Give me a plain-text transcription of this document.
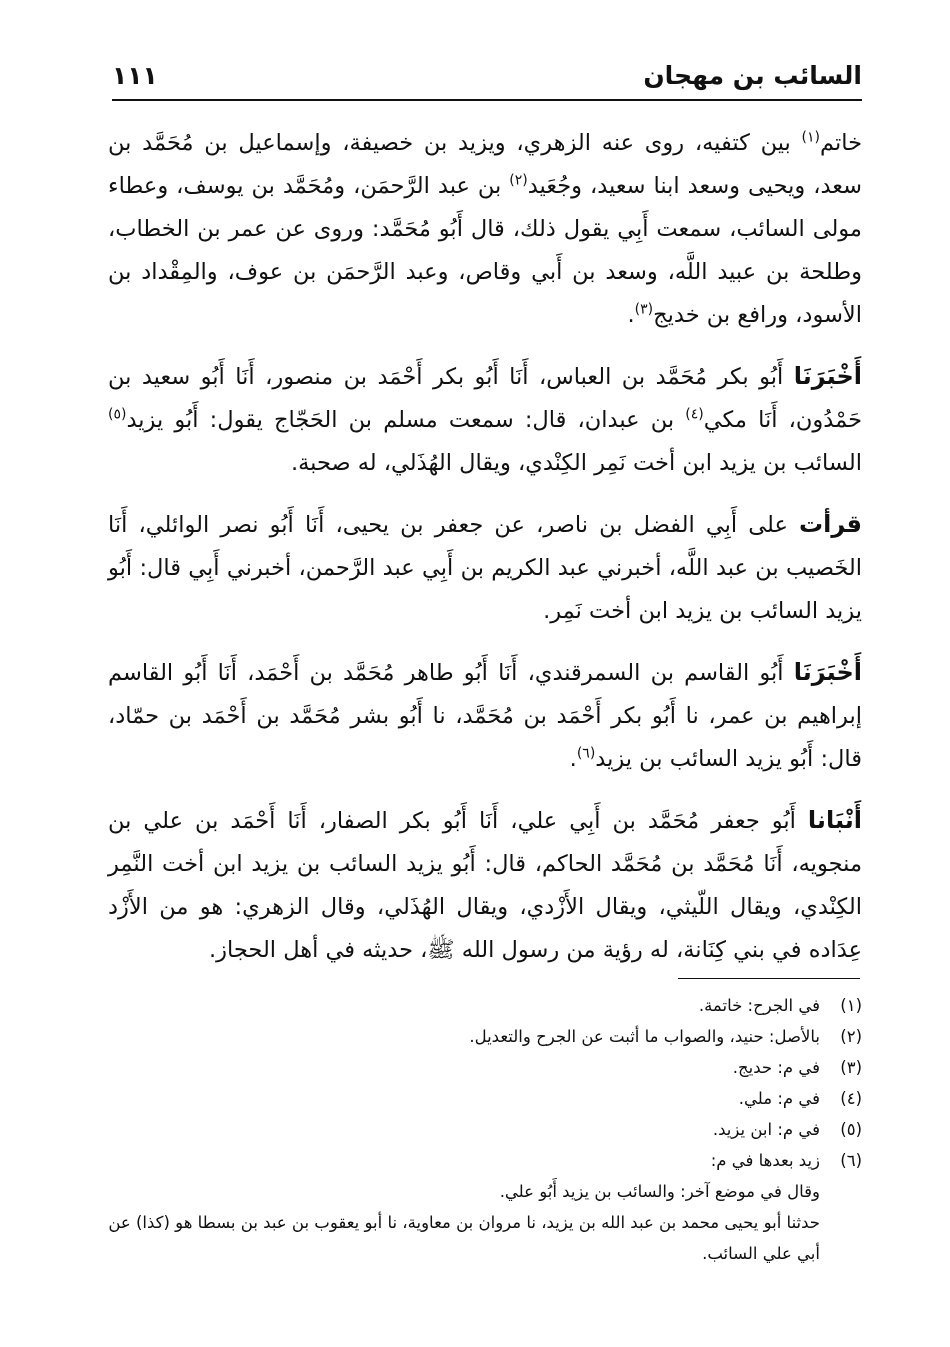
السائب بن مهجان
١١١

خاتم$^{(١)}$ بين كتفيه، روى عنه الزهري، ويزيد بن خصيفة، وإسماعيل بن مُحَمَّد بن سعد، ويحيى وسعد ابنا سعيد، وجُعَيد$^{(٢)}$ بن عبد الرَّحمَن، ومُحَمَّد بن يوسف، وعطاء مولى السائب، سمعت أَبِي يقول ذلك، قال أَبُو مُحَمَّد: وروى عن عمر بن الخطاب، وطلحة بن عبيد اللَّه، وسعد بن أَبي وقاص، وعبد الرَّحمَن بن عوف، والمِقْداد بن الأسود، ورافع بن خديج$^{(٣)}$.

أَخْبَرَنَا أَبُو بكر مُحَمَّد بن العباس، أَنَا أَبُو بكر أَحْمَد بن منصور، أَنَا أَبُو سعيد بن حَمْدُون، أَنَا مكي$^{(٤)}$ بن عبدان، قال: سمعت مسلم بن الحَجّاج يقول: أَبُو يزيد$^{(٥)}$ السائب بن يزيد ابن أخت نَمِر الكِنْدي، ويقال الهُذَلي، له صحبة.

قرأت على أَبِي الفضل بن ناصر، عن جعفر بن يحيى، أَنَا أَبُو نصر الوائلي، أَنَا الخَصيب بن عبد اللَّه، أخبرني عبد الكريم بن أَبِي عبد الرَّحمن، أخبرني أَبِي قال: أَبُو يزيد السائب بن يزيد ابن أخت نَمِر.

أَخْبَرَنَا أَبُو القاسم بن السمرقندي، أَنَا أَبُو طاهر مُحَمَّد بن أَحْمَد، أَنَا أَبُو القاسم إبراهيم بن عمر، نا أَبُو بكر أَحْمَد بن مُحَمَّد، نا أَبُو بشر مُحَمَّد بن أَحْمَد بن حمّاد، قال: أَبُو يزيد السائب بن يزيد$^{(٦)}$.

أَنْبَانا أَبُو جعفر مُحَمَّد بن أَبِي علي، أَنَا أَبُو بكر الصفار، أَنَا أَحْمَد بن علي بن منجويه، أَنَا مُحَمَّد بن مُحَمَّد الحاكم، قال: أَبُو يزيد السائب بن يزيد ابن أخت النَّمِر الكِنْدي، ويقال اللّيثي، ويقال الأَزْدي، ويقال الهُذَلي، وقال الزهري: هو من الأَزْد عِدَاده في بني كِنَانة، له رؤية من رسول الله ﷺ، حديثه في أهل الحجاز.

(١)
في الجرح: خاتمة.
(٢)
بالأصل: حنيد، والصواب ما أثبت عن الجرح والتعديل.
(٣)
في م: حديج.
(٤)
في م: ملي.
(٥)
في م: ابن يزيد.
(٦)
زيد بعدها في م:
وقال في موضع آخر: والسائب بن يزيد أَبُو علي.
حدثنا أبو يحيى محمد بن عبد الله بن يزيد، نا مروان بن معاوية، نا أبو يعقوب بن عبد بن بسطا هو (كذا) عن أبي علي السائب.
